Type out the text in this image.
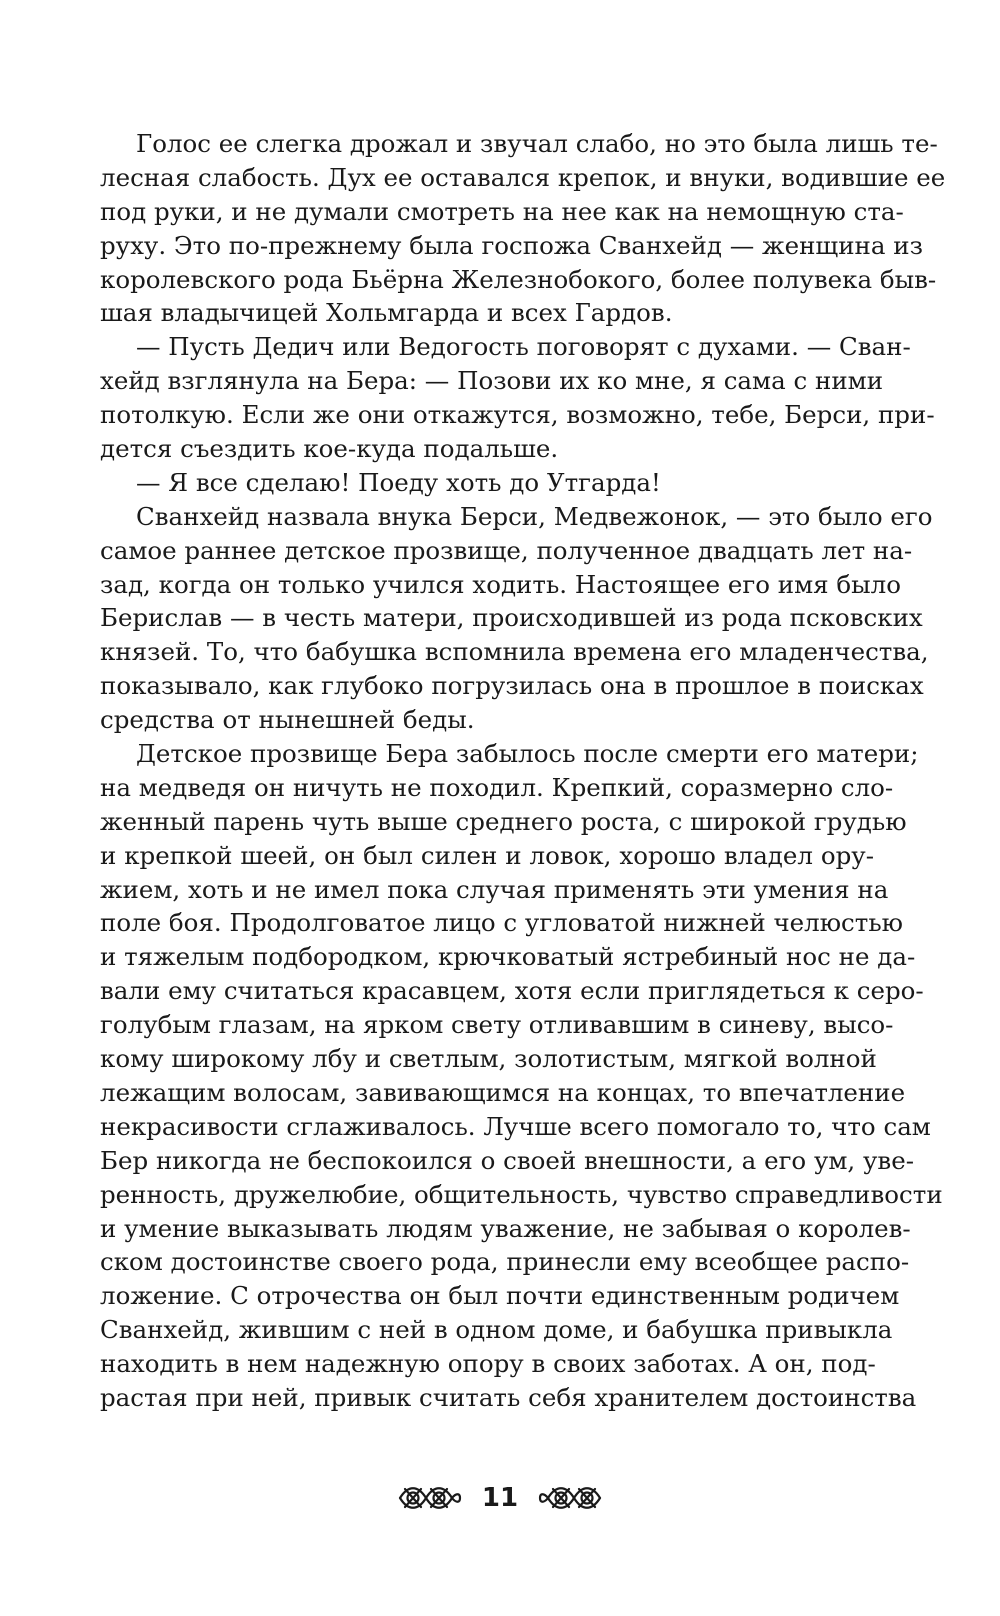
Голос ее слегка дрожал и звучал слабо, но это была лишь те-
лесная слабость. Дух ее оставался крепок, и внуки, водившие ее
под руки, и не думали смотреть на нее как на немощную ста-
руху. Это по-прежнему была госпожа Сванхейд — женщина из
королевского рода Бьёрна Железнобокого, более полувека быв-
шая владычицей Хольмгарда и всех Гардов.
— Пусть Дедич или Ведогость поговорят с духами. — Сван-
хейд взглянула на Бера: — Позови их ко мне, я сама с ними
потолкую. Если же они откажутся, возможно, тебе, Берси, при-
дется съездить кое-куда подальше.
— Я все сделаю! Поеду хоть до Утгарда!
Сванхейд назвала внука Берси, Медвежонок, — это было его
самое раннее детское прозвище, полученное двадцать лет на-
зад, когда он только учился ходить. Настоящее его имя было
Берислав — в честь матери, происходившей из рода псковских
князей. То, что бабушка вспомнила времена его младенчества,
показывало, как глубоко погрузилась она в прошлое в поисках
средства от нынешней беды.
Детское прозвище Бера забылось после смерти его матери;
на медведя он ничуть не походил. Крепкий, соразмерно сло-
женный парень чуть выше среднего роста, с широкой грудью
и крепкой шеей, он был силен и ловок, хорошо владел ору-
жием, хоть и не имел пока случая применять эти умения на
поле боя. Продолговатое лицо с угловатой нижней челюстью
и тяжелым подбородком, крючковатый ястребиный нос не да-
вали ему считаться красавцем, хотя если приглядеться к серо-
голубым глазам, на ярком свету отливавшим в синеву, высо-
кому широкому лбу и светлым, золотистым, мягкой волной
лежащим волосам, завивающимся на концах, то впечатление
некрасивости сглаживалось. Лучше всего помогало то, что сам
Бер никогда не беспокоился о своей внешности, а его ум, уве-
ренность, дружелюбие, общительность, чувство справедливости
и умение выказывать людям уважение, не забывая о королев-
ском достоинстве своего рода, принесли ему всеобщее распо-
ложение. С отрочества он был почти единственным родичем
Сванхейд, жившим с ней в одном доме, и бабушка привыкла
находить в нем надежную опору в своих заботах. А он, под-
растая при ней, привык считать себя хранителем достоинства
11
